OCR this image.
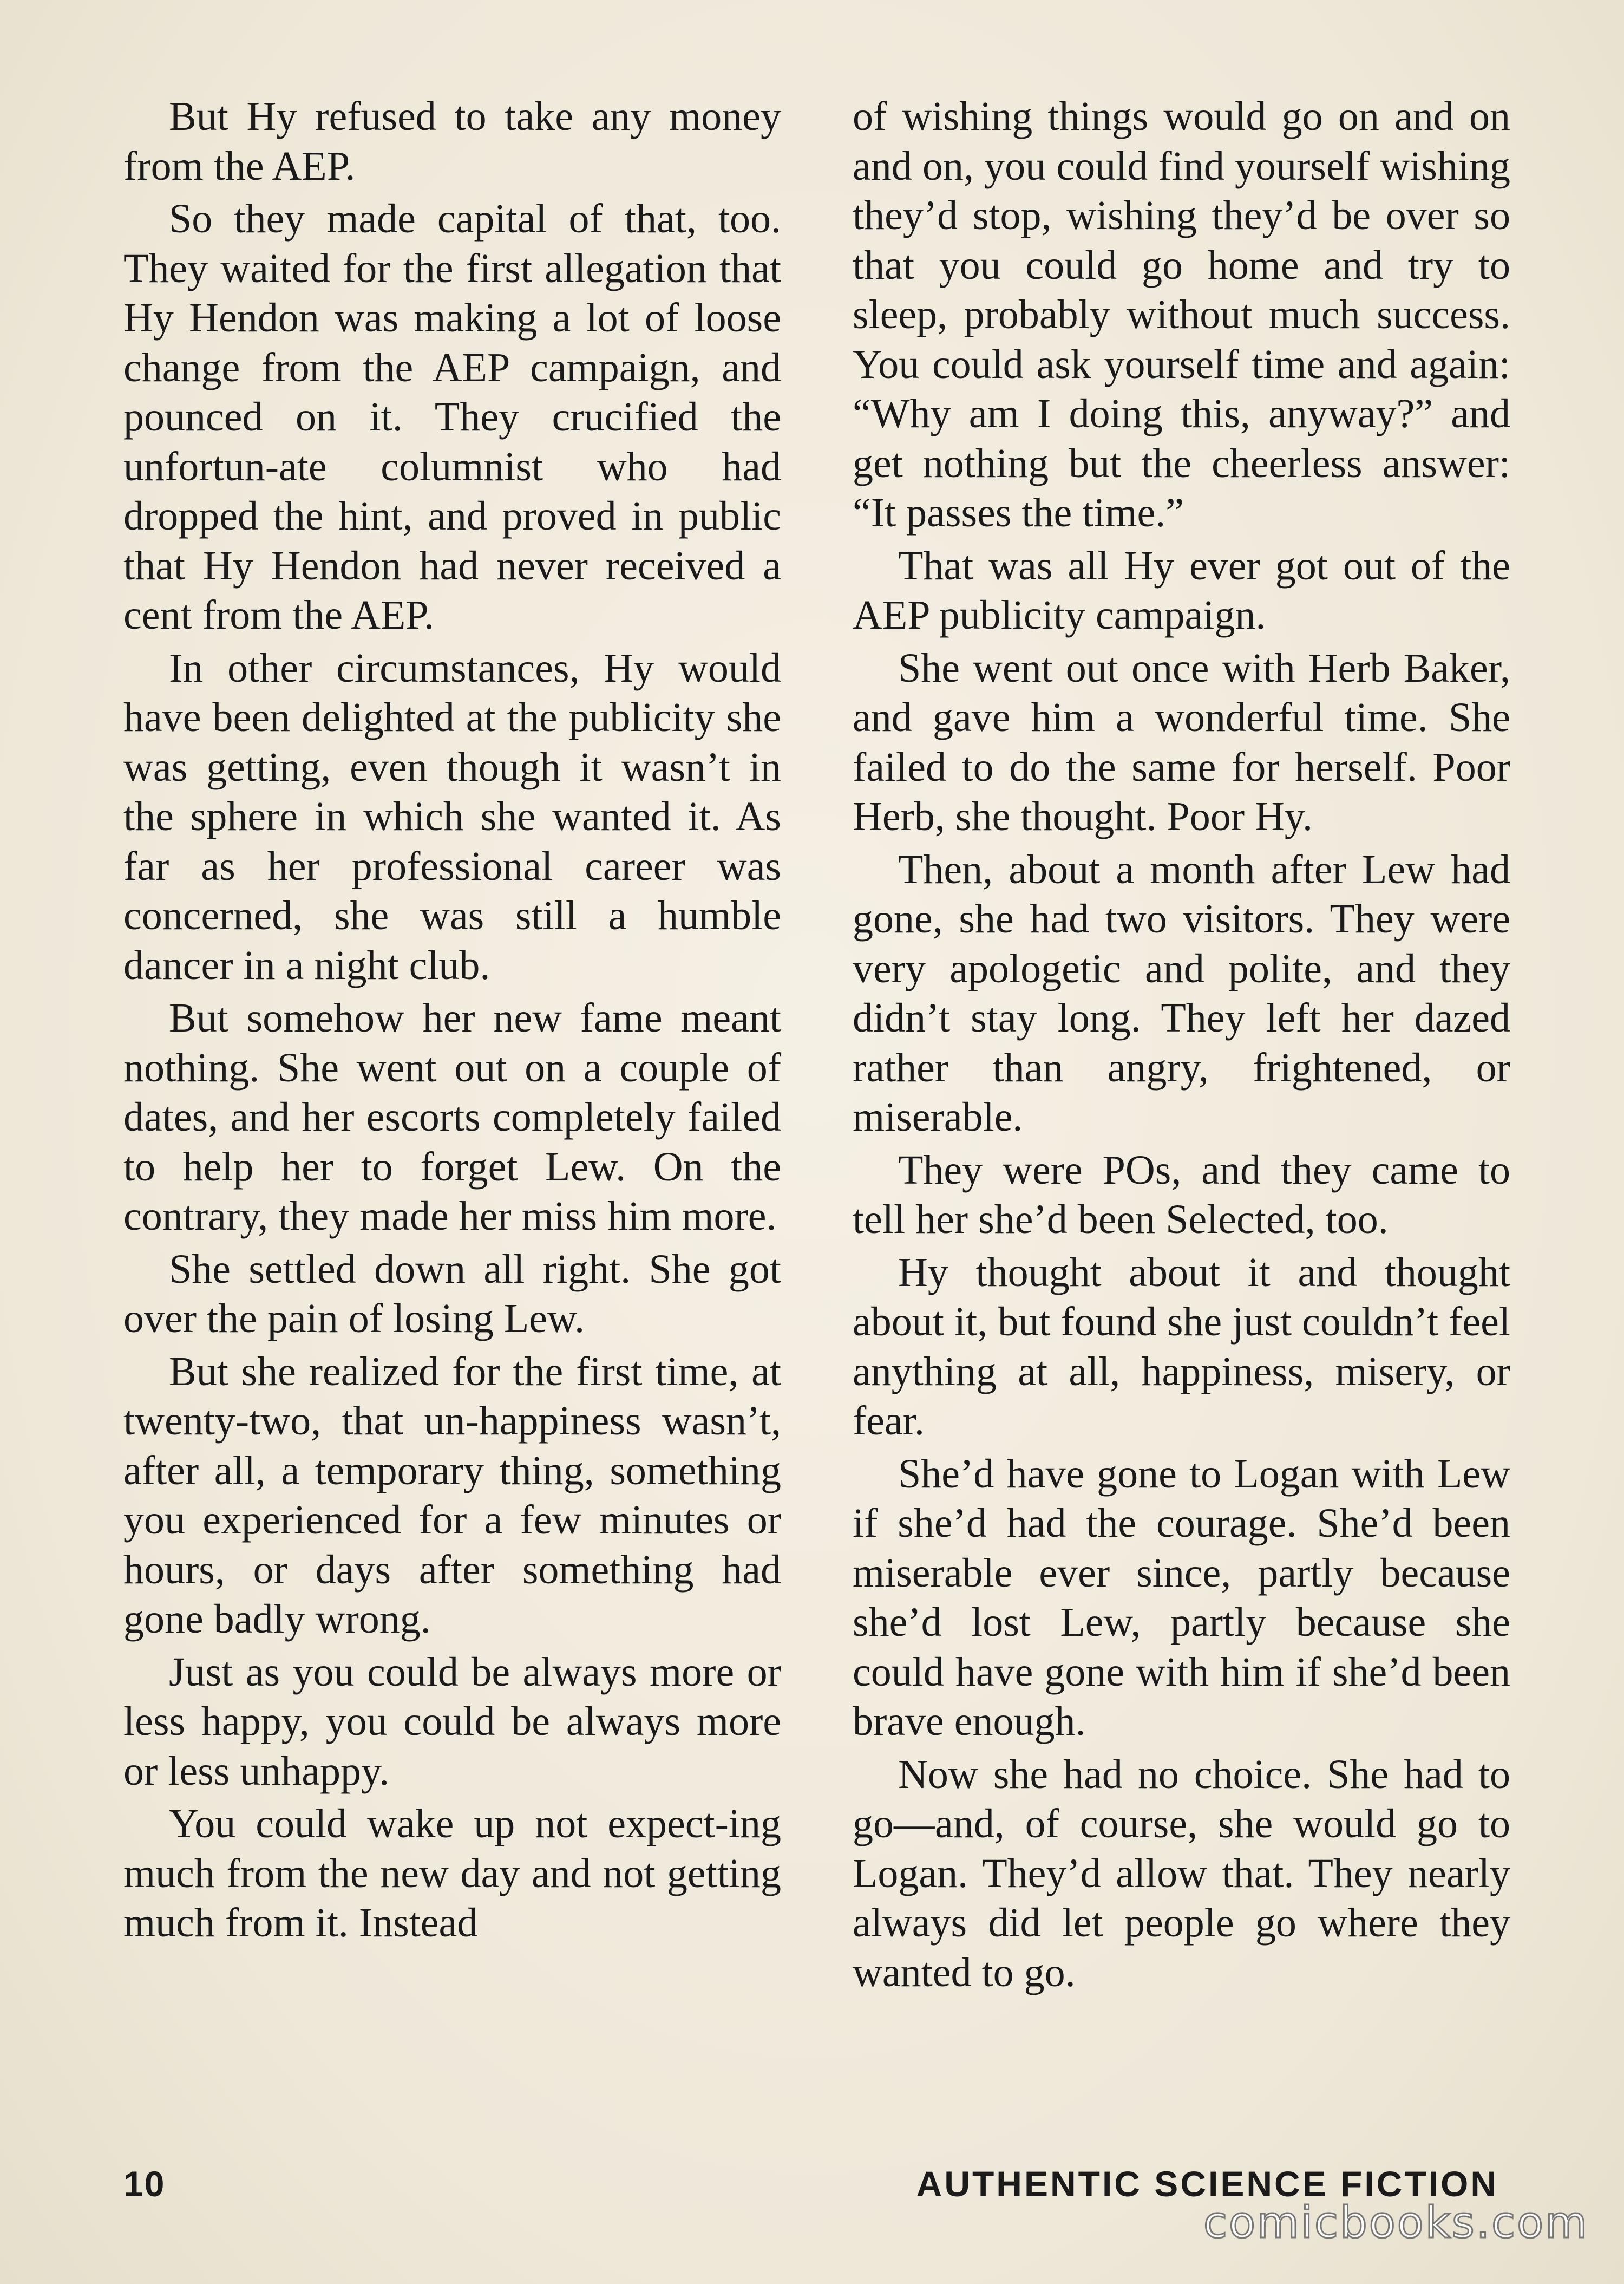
But Hy refused to take any money from the AEP.

So they made capital of that, too. They waited for the first allegation that Hy Hendon was making a lot of loose change from the AEP campaign, and pounced on it. They crucified the unfortun-ate columnist who had dropped the hint, and proved in public that Hy Hendon had never received a cent from the AEP.

In other circumstances, Hy would have been delighted at the publicity she was getting, even though it wasn’t in the sphere in which she wanted it. As far as her professional career was concerned, she was still a humble dancer in a night club.

But somehow her new fame meant nothing. She went out on a couple of dates, and her escorts completely failed to help her to forget Lew. On the contrary, they made her miss him more.

She settled down all right. She got over the pain of losing Lew.

But she realized for the first time, at twenty-two, that un-happiness wasn’t, after all, a temporary thing, something you experienced for a few minutes or hours, or days after something had gone badly wrong.

Just as you could be always more or less happy, you could be always more or less unhappy.

You could wake up not expect-ing much from the new day and not getting much from it. Instead

of wishing things would go on and on and on, you could find yourself wishing they’d stop, wishing they’d be over so that you could go home and try to sleep, probably without much success. You could ask yourself time and again: “Why am I doing this, anyway?” and get nothing but the cheerless answer: “It passes the time.”

That was all Hy ever got out of the AEP publicity campaign.

She went out once with Herb Baker, and gave him a wonderful time. She failed to do the same for herself. Poor Herb, she thought. Poor Hy.

Then, about a month after Lew had gone, she had two visitors. They were very apologetic and polite, and they didn’t stay long. They left her dazed rather than angry, frightened, or miserable.

They were POs, and they came to tell her she’d been Selected, too.

Hy thought about it and thought about it, but found she just couldn’t feel anything at all, happiness, misery, or fear.

She’d have gone to Logan with Lew if she’d had the courage. She’d been miserable ever since, partly because she’d lost Lew, partly because she could have gone with him if she’d been brave enough.

Now she had no choice. She had to go—and, of course, she would go to Logan. They’d allow that. They nearly always did let people go where they wanted to go.

10	AUTHENTIC SCIENCE FICTION
comicbooks.com
